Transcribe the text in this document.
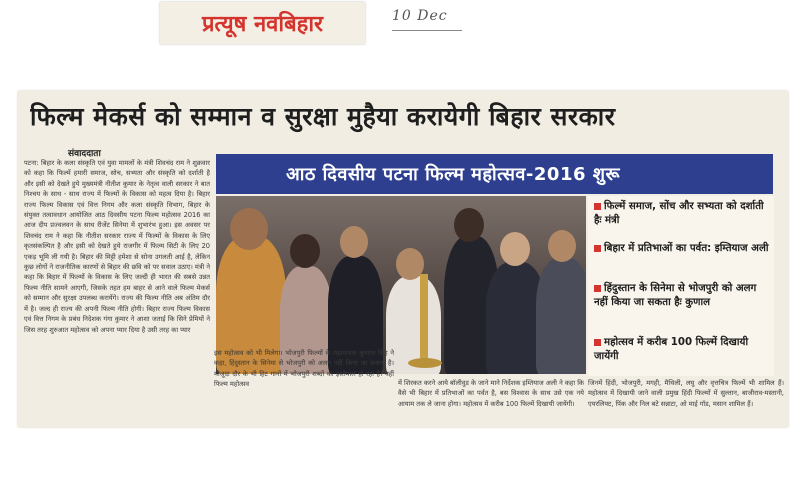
प्रत्यूष नवबिहार	10 Dec
फिल्म मेकर्स को सम्मान व सुरक्षा मुहैया करायेगी बिहार सरकार
संवाददाता
आठ दिवसीय पटना फिल्म महोत्सव-2016 शुरू
पटना: बिहार के कला संस्कृति एवं युवा मामलों के मंत्री शिवचंद राम ने शुक्रवार को कहा कि फिल्में हमारी समाज, सोच, सभ्यता और संस्कृति को दर्शाती है और इसी को देखते हुये मुख्यमंत्री नीतीश कुमार के नेतृत्व वाली सरकार ने बात निश्चय के साथ - साथ राज्य में फिल्मों के विकास को महत्व दिया है। बिहार राज्य फिल्म विकास एवं वित्त निगम और कला संस्कृति विभाग, बिहार के संयुक्त तत्वावधान आयोजित आठ दिवसीय पटना फिल्म महोत्सव 2016 का आज दीप प्रज्वलवन के साथ रीजेंट सिनेमा में शुभारंभ हुआ। इस अवसर पर शिवचंद राम ने कहा कि नीतीश सरकार राज्य में फिल्मों के विकास के लिए कृतसंकल्पित है और इसी को देखते हुये राजगीर में फिल्म सिटी के लिए 20 एकड़ भूमि ली गयी है। बिहार की मिट्टी हमेशा से सोना उगलती आई है, लेकिन कुछ लोगों ने राजनीतिक कारणों से बिहार की छवि को पर सवाल उठाए। मंत्री ने कहा कि बिहार में फिल्मों के विकास के लिए जल्दी ही भारत की सबसे उन्नत फिल्म नीति सामने आएगी, जिसके तहत हम बाहर से आने वाले फिल्म मेकर्स को सम्मान और सुरक्षा उपलब्ध करायेंगे। राज्य की फिल्म नीति अब अंतिम दौर में है। जल्द ही राज्य की अपनी फिल्म नीति होगी। बिहार राज्य फिल्म विकास एवं वित्त निगम के प्रबंध निदेशक गंगा कुमार ने आशा जताई कि सिने प्रेमियों ने जिस तरह शुरुआत महोत्सव को अपना प्यार दिया है उसी तरह का प्यार
फिल्में समाज, सोंच और सभ्यता को दर्शाती हैः मंत्री
बिहार में प्रतिभाओं का पर्वत: इम्तियाज अली
हिंदुस्तान के सिनेमा से भोजपुरी को अलग नहीं किया जा सकता हैः कुणाल
महोत्सव में करीब 100 फिल्में दिखायी जायेंगी
इस महोत्सव को भी मिलेगा। भोजपुरी फिल्मों के महानायक कुणाल सिंह ने कहा, हिंदुस्तान के सिनेमा से भोजपुरी को अलग नहीं किया जा सकता है। मौजूदा दौर के भी हिट गानों में भोजपुरी शब्दों का इस्तेमाल हो रहा है। वहीं फिल्म महोत्सव	में शिरकत करने आये बॉलीवुड के जाने माने निर्देशक इम्तियाज अली ने कहा कि वैसे भी बिहार में प्रतिभाओं का पर्वत है, बस विश्वास के साथ उसे एक नये आयाम तक ले जाना होगा। महोत्सव में करीब 100 फिल्में दिखायी जायेंगी।
जिनमें हिंदी, भोजपुरी, मगही, मैथिली, लघु और वृत्तचित्र फिल्में भी शामिल हैं। महोत्सव में दिखायी जाने वाली प्रमुख हिंदी फिल्मों में सुल्तान, बाजीराव-मस्तानी, एयरलिफ्ट, पिंक और निल बटे सन्नाटा, ओ माई गॉड, मसान शामिल हैं।
